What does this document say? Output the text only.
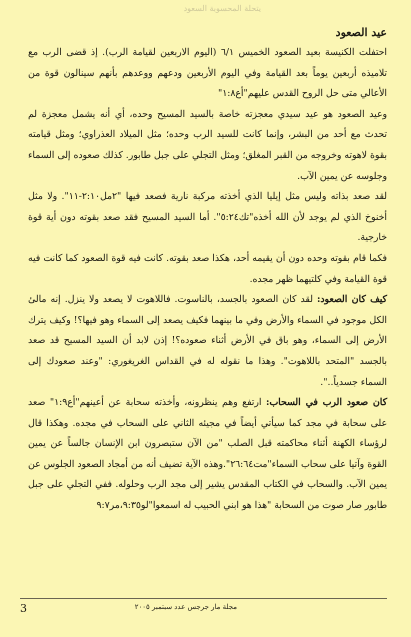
يتحلة المحسوبة السعود
عيد الصعود

احتفلت الكنيسة بعيد الصعود الخميس ٦/١ (اليوم الاربعين لقيامة الرب). إذ قضى الرب مع تلاميذه أربعين يوماً بعد القيامة وفي اليوم الأربعين ودعهم ووعدهم بأنهم سينالون قوة من الأعالي متى حل الروح القدس عليهم"أع١:٨"

وعيد الصعود هو عيد سيدي معجزته خاصة بالسيد المسيح وحده، أي أنه يشمل معجزة لم تحدث مع أحد من البشر، وإنما كانت للسيد الرب وحده؛ مثل الميلاد العذراوي؛ ومثل قيامته بقوة لاهوته وخروجه من القبر المغلق؛ ومثل التجلي على جبل طابور. كذلك صعوده إلى السماء وجلوسه عن يمين الآب.

لقد صعد بذاته وليس مثل إيليا الذي أخذته مركبة نارية فصعد فيها "٢مل٢:١٠-١١". ولا مثل أخنوخ الذي لم يوجد لأن الله أخذه"تك٥:٢٤". أما السيد المسيح فقد صعد بقوته دون أية قوة خارجية.

فكما قام بقوته وحده دون أن يقيمه أحد، هكذا صعد بقوته. كانت فيه قوة الصعود كما كانت فيه قوة القيامة وفي كلتيهما ظهر مجده.

كيف كان الصعود: لقد كان الصعود بالجسد، بالناسوت. فاللاهوت لا يصعد ولا ينزل. إنه مالئ الكل موجود في السماء والأرض وفي ما بينهما فكيف يصعد إلى السماء وهو فيها؟! وكيف يترك الأرض إلى السماء، وهو باق في الأرض أثناء صعوده؟! إذن لابد أن السيد المسيح قد صعد بالجسد "المتحد باللاهوت". وهذا ما نقوله له في القداس الغريغوري: "وعند صعودك إلى السماء جسدياً..".

كان صعود الرب في السحاب: ارتفع وهم ينظرونه، وأخذته سحابة عن أعينهم"أع١:٩" صعد على سحابة في مجد كما سيأتي أيضاً في مجيئه الثاني على السحاب في مجده. وهكذا قال لرؤساء الكهنة أثناء محاكمته قبل الصلب "من الآن ستبصرون ابن الإنسان جالساً عن يمين القوة وآتيا على سحاب السماء"مت٢٦:٦٤".وهذه الآية تضيف أنه من أمجاد الصعود الجلوس عن يمين الآب. والسحاب في الكتاب المقدس يشير إلى مجد الرب وحلوله. ففي التجلي على جبل طابور صار صوت من السحابة "هذا هو ابني الحبيب له اسمعوا"لو٩:٣٥،مر٩:٧

3	مجلة مار جرجس عدد سبتمبر ٢٠٠٥
